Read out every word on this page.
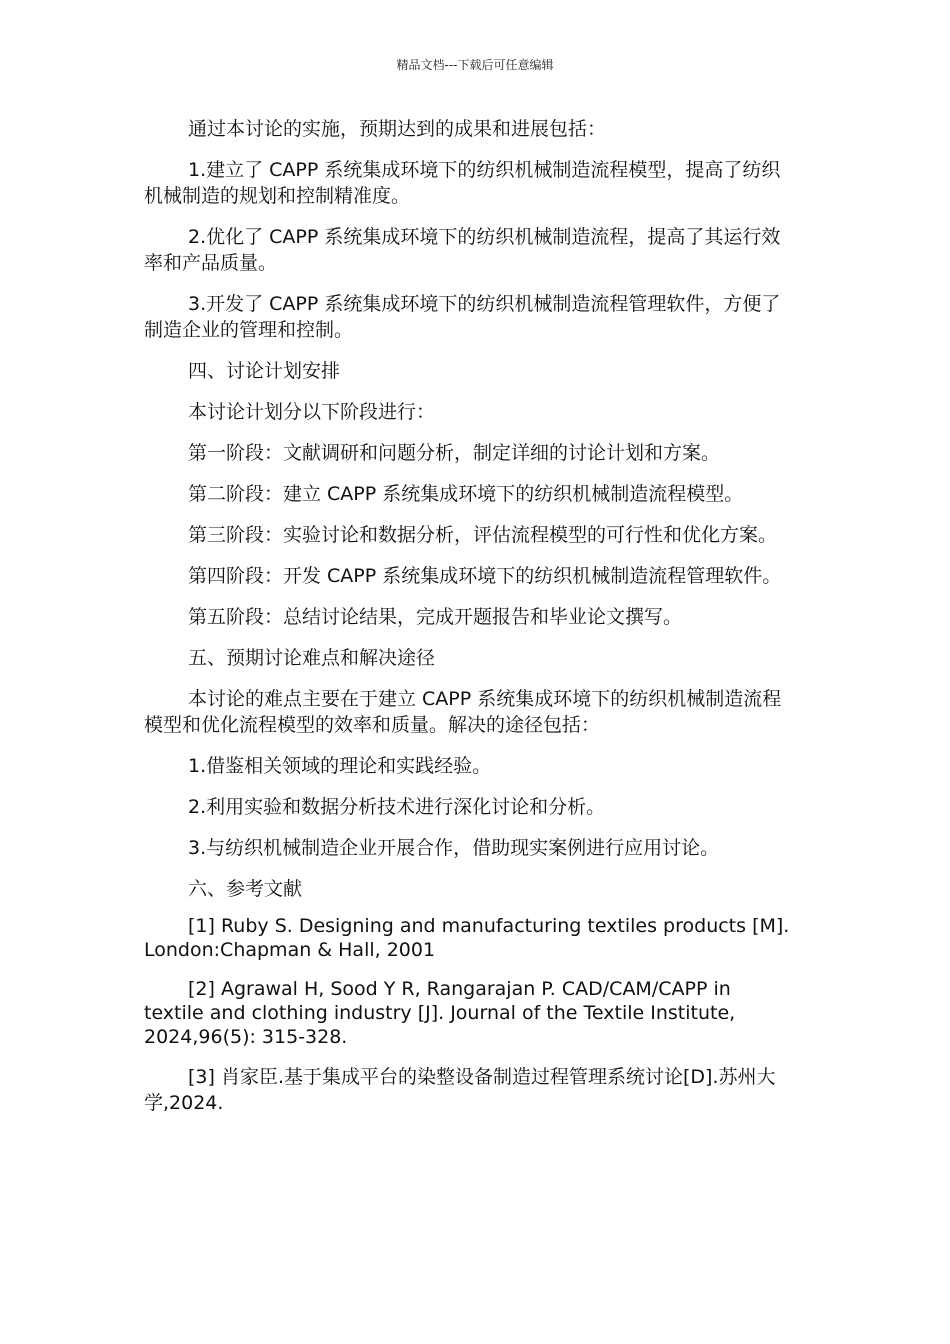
精品文档---下载后可任意编辑

通过本讨论的实施，预期达到的成果和进展包括：

1.建立了 CAPP 系统集成环境下的纺织机械制造流程模型，提高了纺织机械制造的规划和控制精准度。

2.优化了 CAPP 系统集成环境下的纺织机械制造流程，提高了其运行效率和产品质量。

3.开发了 CAPP 系统集成环境下的纺织机械制造流程管理软件，方便了制造企业的管理和控制。

四、讨论计划安排

本讨论计划分以下阶段进行：

第一阶段：文献调研和问题分析，制定详细的讨论计划和方案。

第二阶段：建立 CAPP 系统集成环境下的纺织机械制造流程模型。

第三阶段：实验讨论和数据分析，评估流程模型的可行性和优化方案。

第四阶段：开发 CAPP 系统集成环境下的纺织机械制造流程管理软件。

第五阶段：总结讨论结果，完成开题报告和毕业论文撰写。

五、预期讨论难点和解决途径

本讨论的难点主要在于建立 CAPP 系统集成环境下的纺织机械制造流程模型和优化流程模型的效率和质量。解决的途径包括：

1.借鉴相关领域的理论和实践经验。

2.利用实验和数据分析技术进行深化讨论和分析。

3.与纺织机械制造企业开展合作，借助现实案例进行应用讨论。

六、参考文献

[1] Ruby S. Designing and manufacturing textiles products [M]. London:Chapman & Hall, 2001

[2] Agrawal H, Sood Y R, Rangarajan P. CAD/CAM/CAPP in textile and clothing industry [J]. Journal of the Textile Institute, 2024,96(5): 315-328.

[3] 肖家臣.基于集成平台的染整设备制造过程管理系统讨论[D].苏州大学,2024.
